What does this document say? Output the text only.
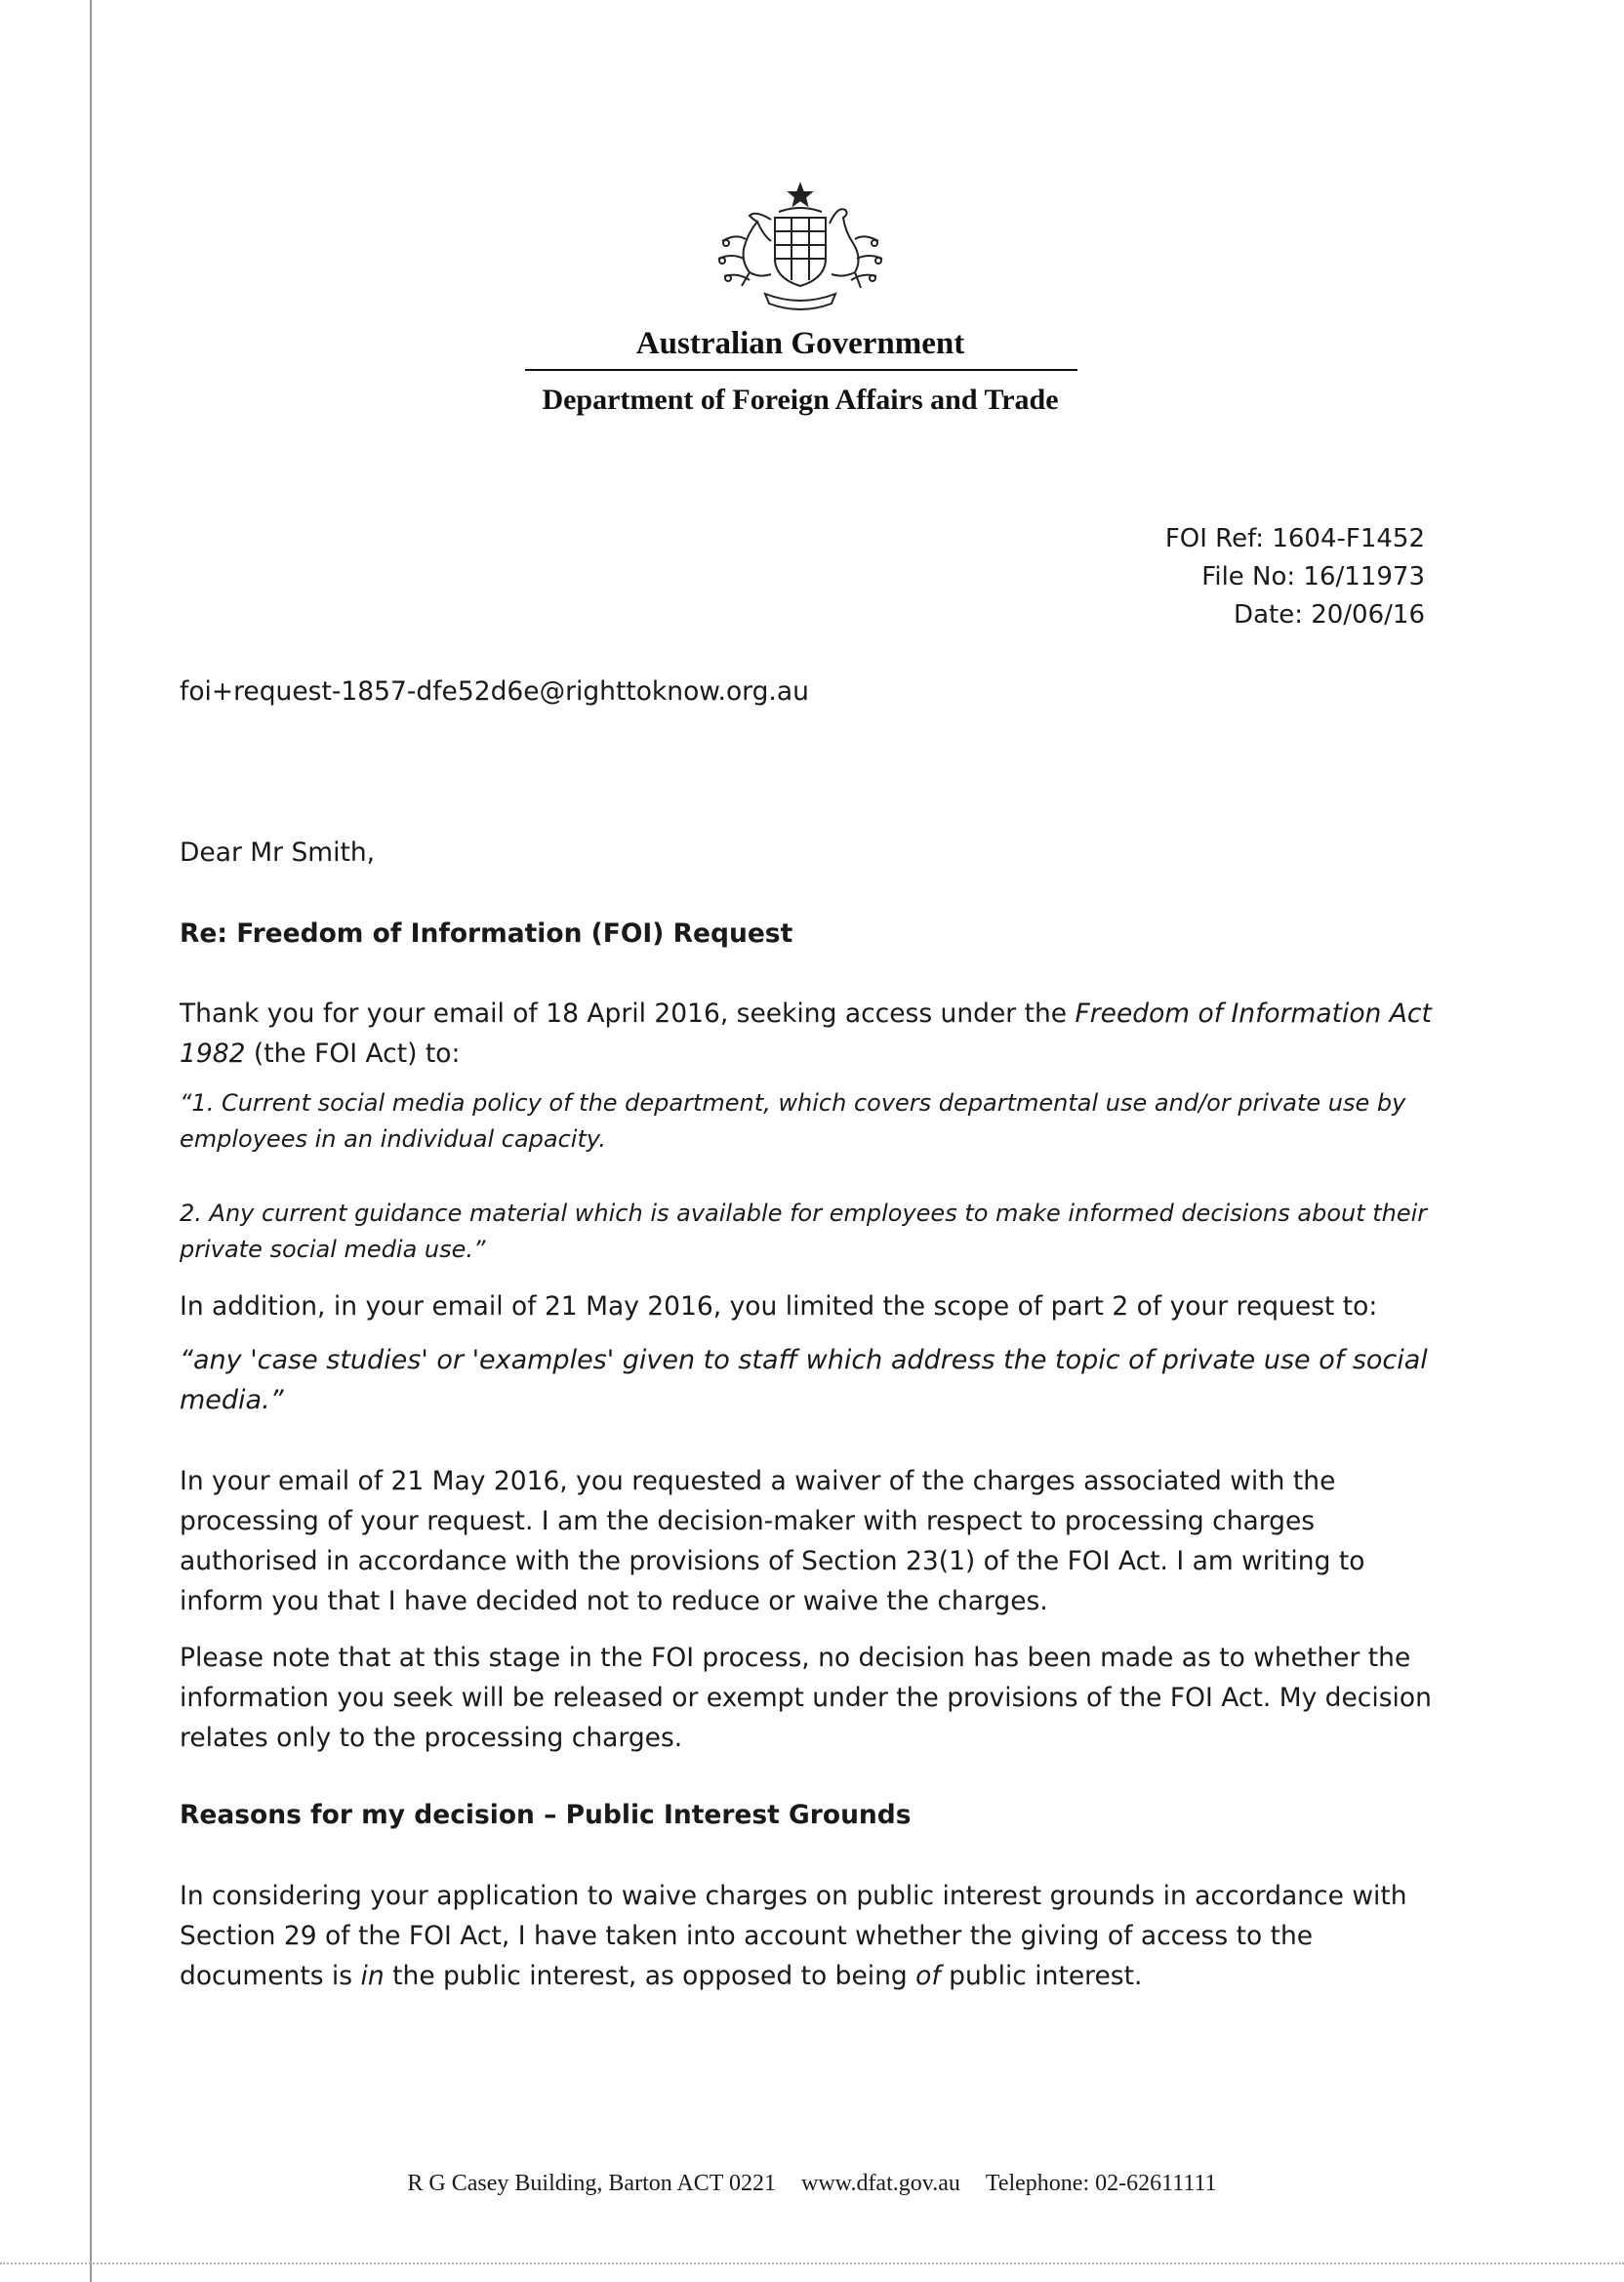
Australian Government
Department of Foreign Affairs and Trade
FOI Ref: 1604-F1452
File No: 16/11973
Date: 20/06/16
foi+request-1857-dfe52d6e@righttoknow.org.au
Dear Mr Smith,
Re: Freedom of Information (FOI) Request
Thank you for your email of 18 April 2016, seeking access under the Freedom of Information Act 1982 (the FOI Act) to:
“1. Current social media policy of the department, which covers departmental use and/or private use by employees in an individual capacity.
2. Any current guidance material which is available for employees to make informed decisions about their private social media use.”
In addition, in your email of 21 May 2016, you limited the scope of part 2 of your request to:
“any 'case studies' or 'examples' given to staff which address the topic of private use of social media.”
In your email of 21 May 2016, you requested a waiver of the charges associated with the processing of your request. I am the decision-maker with respect to processing charges authorised in accordance with the provisions of Section 23(1) of the FOI Act. I am writing to inform you that I have decided not to reduce or waive the charges.
Please note that at this stage in the FOI process, no decision has been made as to whether the information you seek will be released or exempt under the provisions of the FOI Act. My decision relates only to the processing charges.
Reasons for my decision – Public Interest Grounds
In considering your application to waive charges on public interest grounds in accordance with Section 29 of the FOI Act, I have taken into account whether the giving of access to the documents is in the public interest, as opposed to being of public interest.
R G Casey Building, Barton ACT 0221 www.dfat.gov.au Telephone: 02-62611111
